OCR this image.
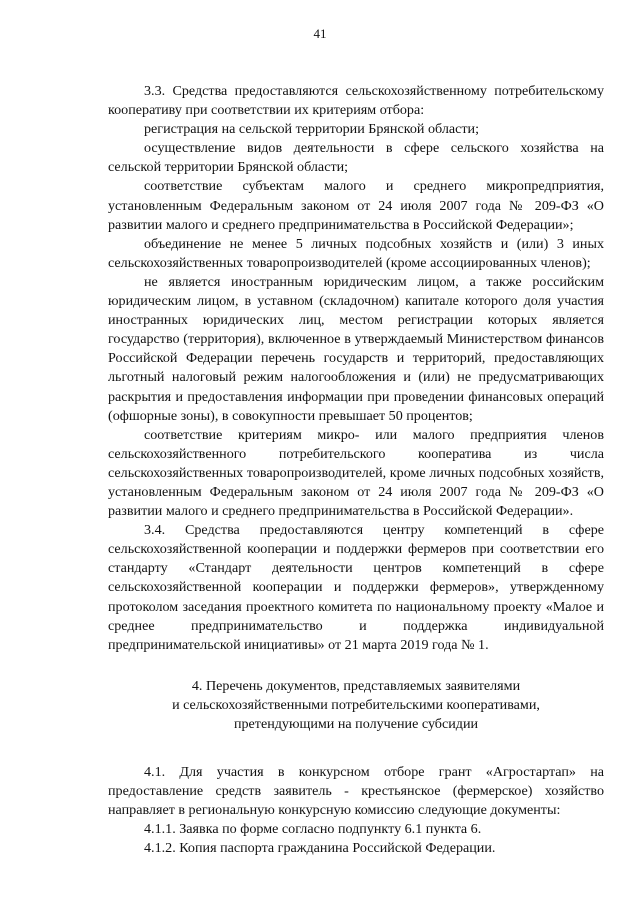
41

3.3. Средства предоставляются сельскохозяйственному потребительскому кооперативу при соответствии их критериям отбора:

регистрация на сельской территории Брянской области;

осуществление видов деятельности в сфере сельского хозяйства на сельской территории Брянской области;

соответствие субъектам малого и среднего микропредприятия, установленным Федеральным законом от 24 июля 2007 года № 209-ФЗ «О развитии малого и среднего предпринимательства в Российской Федерации»;

объединение не менее 5 личных подсобных хозяйств и (или) 3 иных сельскохозяйственных товаропроизводителей (кроме ассоциированных членов);

не является иностранным юридическим лицом, а также российским юридическим лицом, в уставном (складочном) капитале которого доля участия иностранных юридических лиц, местом регистрации которых является государство (территория), включенное в утверждаемый Министерством финансов Российской Федерации перечень государств и территорий, предоставляющих льготный налоговый режим налогообложения и (или) не предусматривающих раскрытия и предоставления информации при проведении финансовых операций (офшорные зоны), в совокупности превышает 50 процентов;

соответствие критериям микро- или малого предприятия членов сельскохозяйственного потребительского кооператива из числа сельскохозяйственных товаропроизводителей, кроме личных подсобных хозяйств, установленным Федеральным законом от 24 июля 2007 года № 209-ФЗ «О развитии малого и среднего предпринимательства в Российской Федерации».

3.4. Средства предоставляются центру компетенций в сфере сельскохозяйственной кооперации и поддержки фермеров при соответствии его стандарту «Стандарт деятельности центров компетенций в сфере сельскохозяйственной кооперации и поддержки фермеров», утвержденному протоколом заседания проектного комитета по национальному проекту «Малое и среднее предпринимательство и поддержка индивидуальной предпринимательской инициативы» от 21 марта 2019 года № 1.

4. Перечень документов, представляемых заявителями
и сельскохозяйственными потребительскими кооперативами,
претендующими на получение субсидии

4.1. Для участия в конкурсном отборе грант «Агростартап» на предоставление средств заявитель - крестьянское (фермерское) хозяйство направляет в региональную конкурсную комиссию следующие документы:

4.1.1. Заявка по форме согласно подпункту 6.1 пункта 6.

4.1.2. Копия паспорта гражданина Российской Федерации.
